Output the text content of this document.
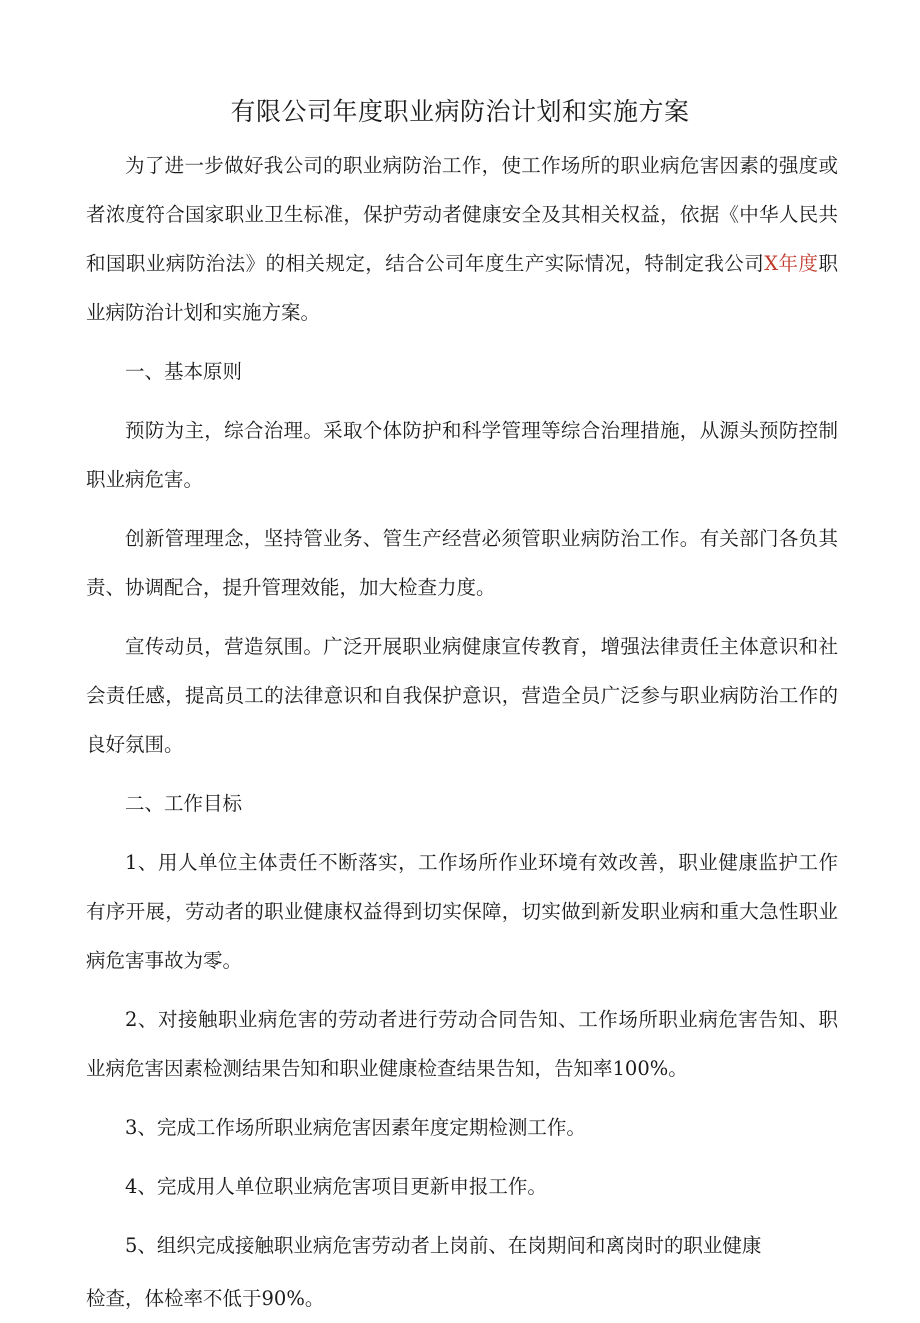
有限公司年度职业病防治计划和实施方案

为了进一步做好我公司的职业病防治工作，使工作场所的职业病危害因素的强度或者浓度符合国家职业卫生标准，保护劳动者健康安全及其相关权益，依据《中华人民共和国职业病防治法》的相关规定，结合公司年度生产实际情况，特制定我公司X年度职业病防治计划和实施方案。

一、基本原则

预防为主，综合治理。采取个体防护和科学管理等综合治理措施，从源头预防控制职业病危害。

创新管理理念，坚持管业务、管生产经营必须管职业病防治工作。有关部门各负其责、协调配合，提升管理效能，加大检查力度。

宣传动员，营造氛围。广泛开展职业病健康宣传教育，增强法律责任主体意识和社会责任感，提高员工的法律意识和自我保护意识，营造全员广泛参与职业病防治工作的良好氛围。

二、工作目标

1、用人单位主体责任不断落实，工作场所作业环境有效改善，职业健康监护工作有序开展，劳动者的职业健康权益得到切实保障，切实做到新发职业病和重大急性职业病危害事故为零。

2、对接触职业病危害的劳动者进行劳动合同告知、工作场所职业病危害告知、职业病危害因素检测结果告知和职业健康检查结果告知，告知率100%。

3、完成工作场所职业病危害因素年度定期检测工作。

4、完成用人单位职业病危害项目更新申报工作。

5、组织完成接触职业病危害劳动者上岗前、在岗期间和离岗时的职业健康

检查，体检率不低于90%。
